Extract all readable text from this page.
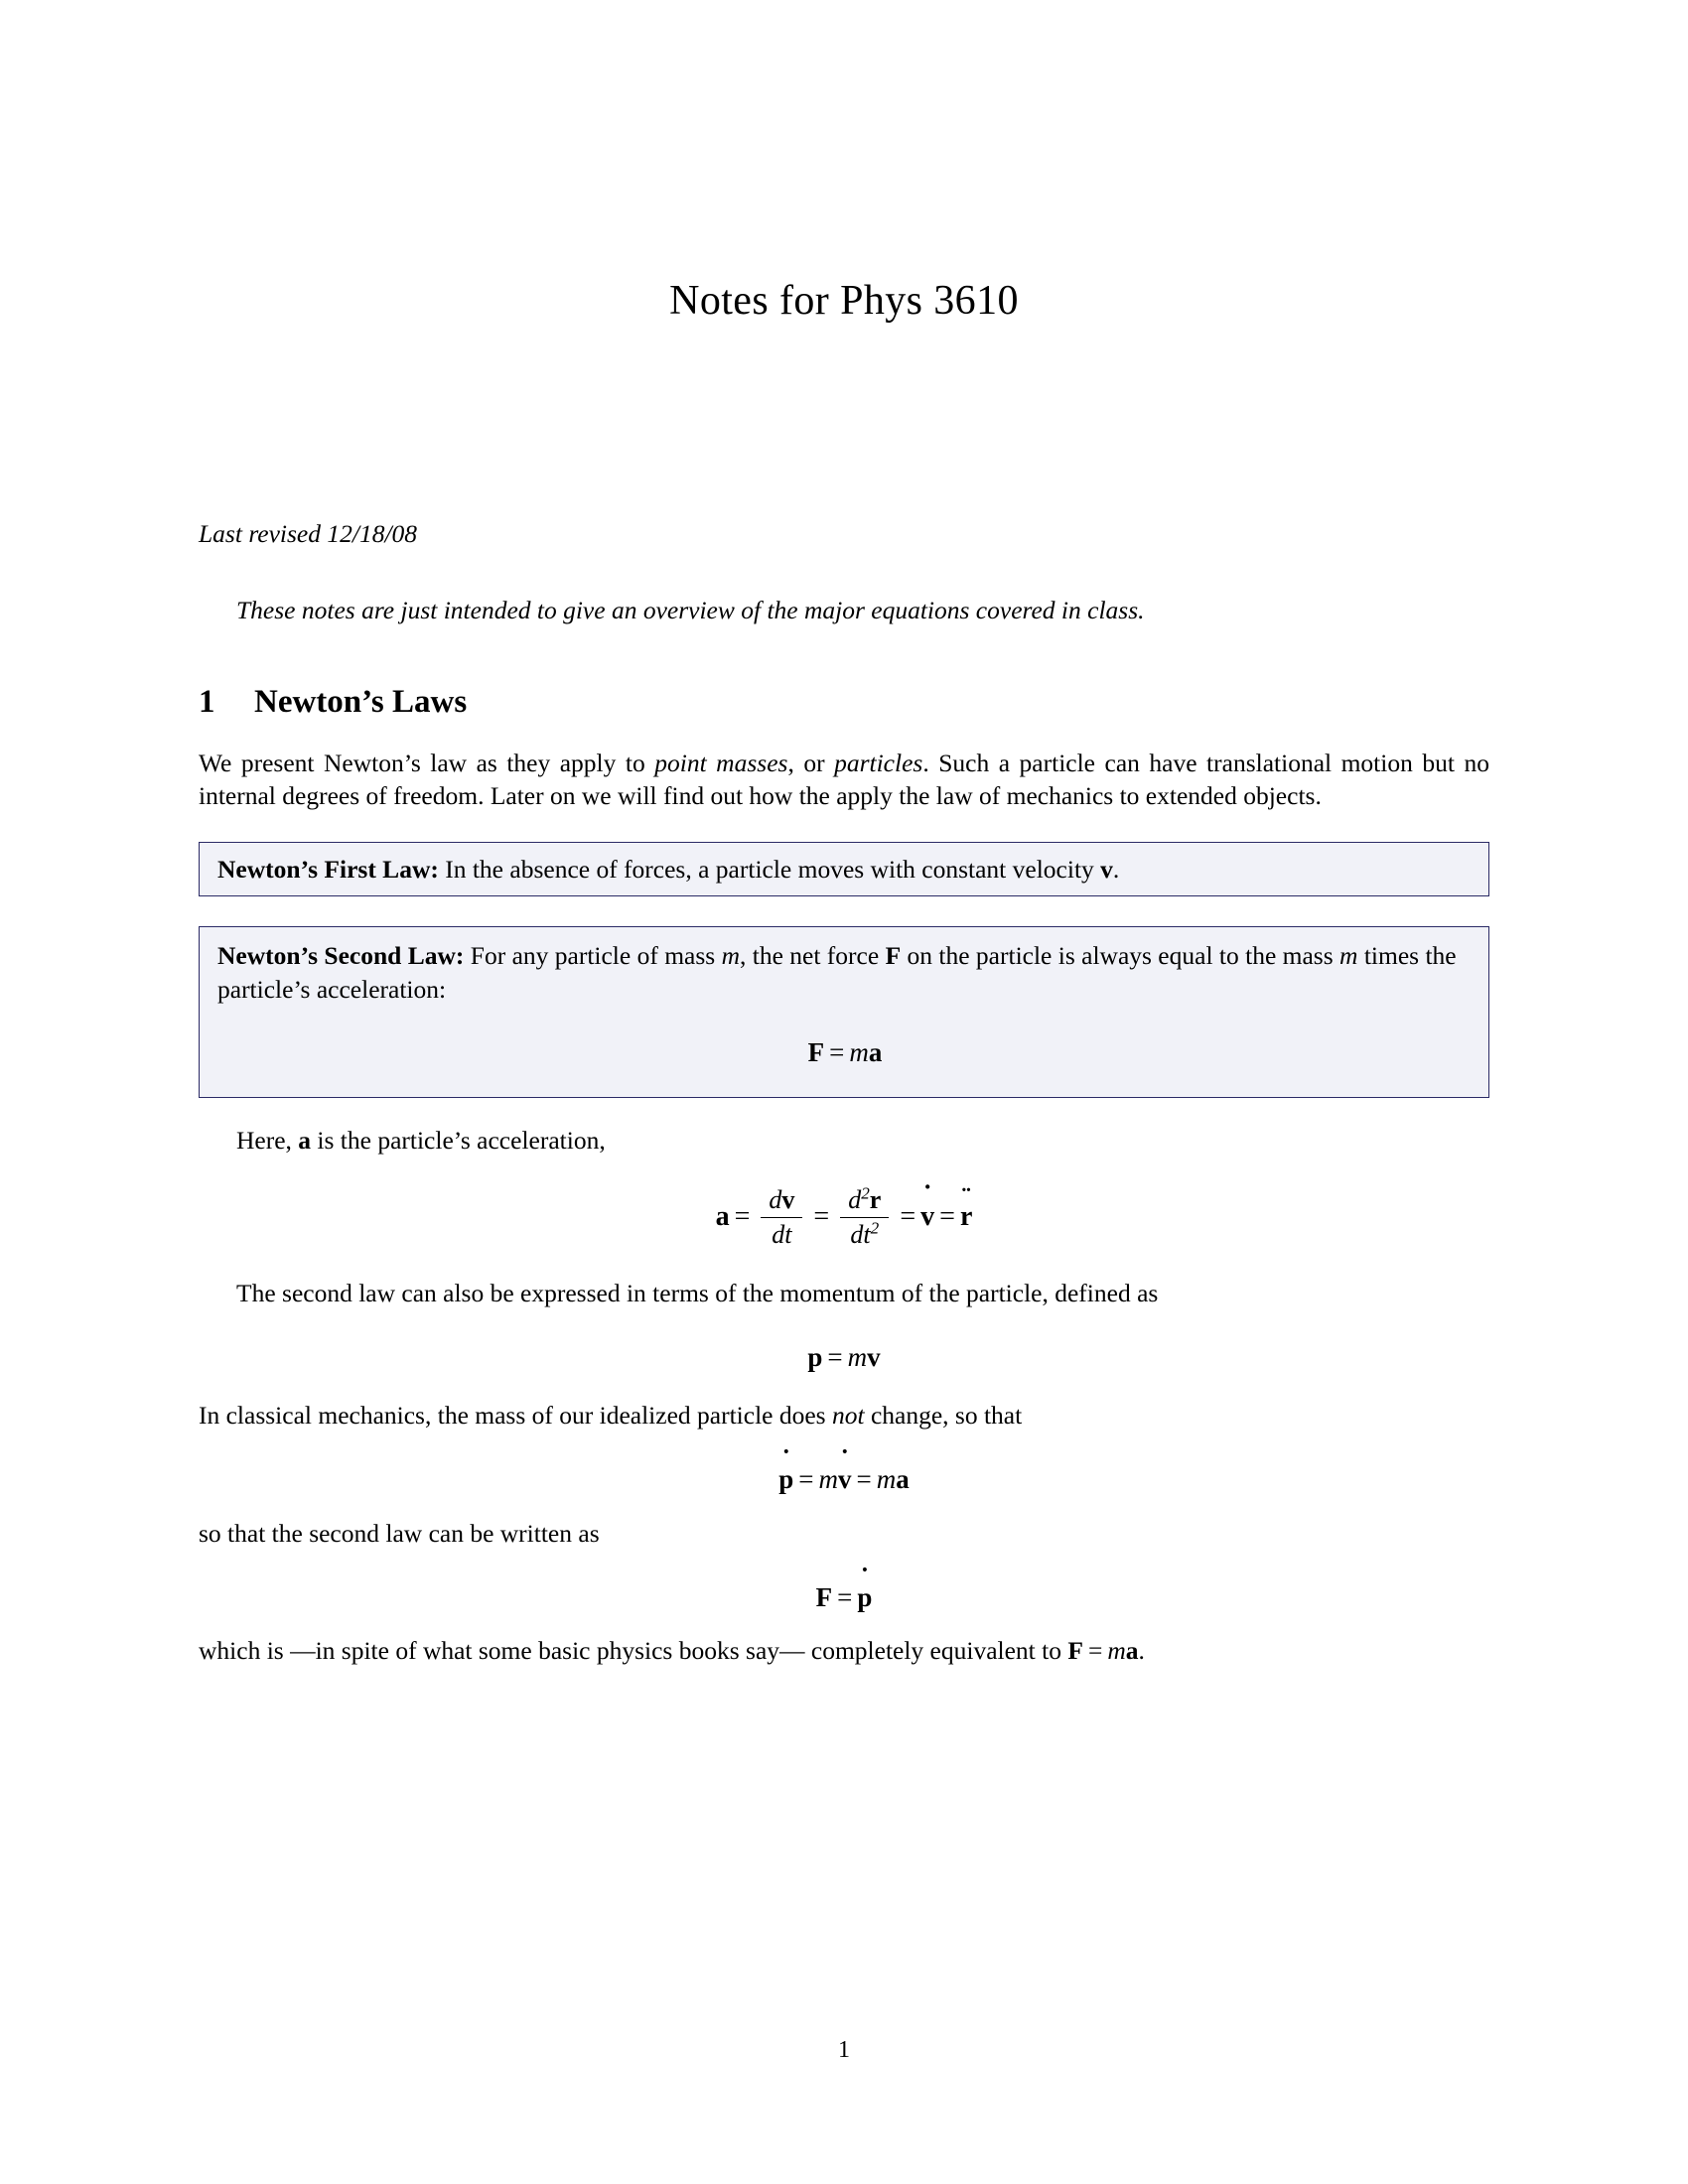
Notes for Phys 3610
Last revised 12/18/08
These notes are just intended to give an overview of the major equations covered in class.
1	Newton’s Laws

We present Newton’s law as they apply to point masses, or particles. Such a particle can have translational motion but no internal degrees of freedom. Later on we will find out how the apply the law of mechanics to extended objects.

Newton’s First Law: In the absence of forces, a particle moves with constant velocity v.
Newton’s Second Law: For any particle of mass m, the net force F on the particle is always equal to the mass m times the particle’s acceleration:
F = ma

Here, a is the particle’s acceleration,

$a = \frac{dv}{dt} = \frac{d^2r}{dt^2} = v$ ˙ = r ¨

The second law can also be expressed in terms of the momentum of the particle, defined as

p = mv

In classical mechanics, the mass of our idealized particle does not change, so that

p ˙ = mv ˙ = ma

so that the second law can be written as

F = p ˙

which is —in spite of what some basic physics books say— completely equivalent to F = ma.

1
